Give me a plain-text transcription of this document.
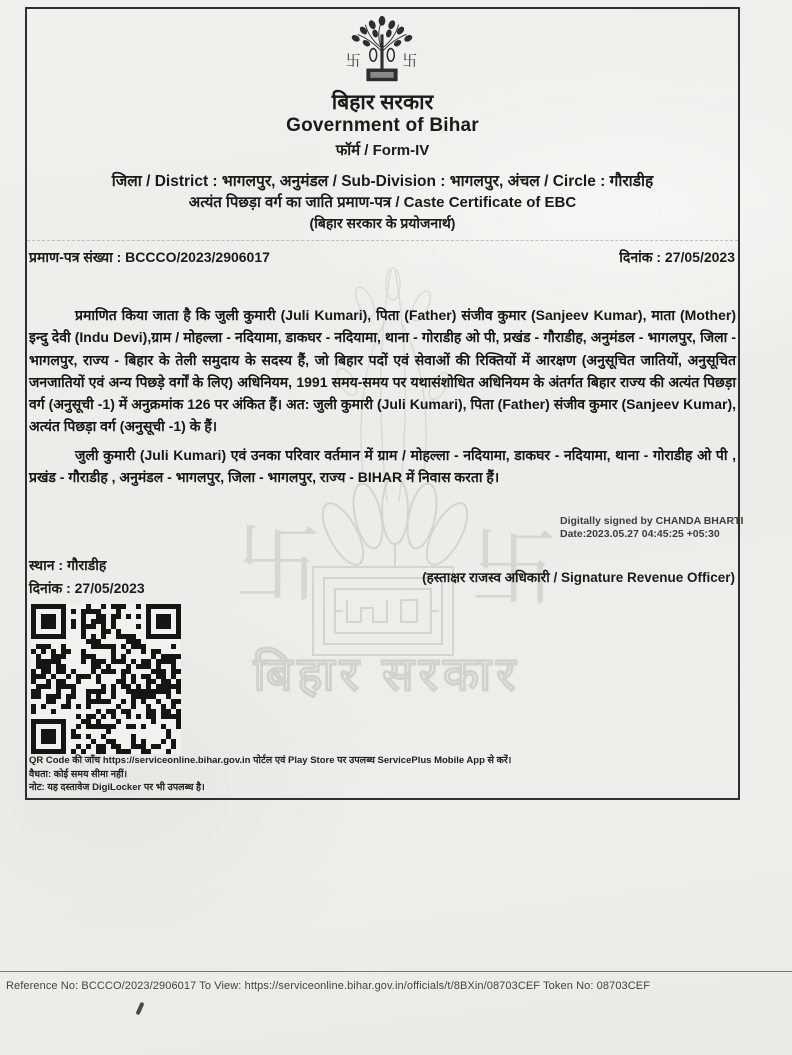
卐 卐
बिहार सरकार
卐	卐
बिहार सरकार
Government of Bihar
फॉर्म / Form-IV
जिला / District : भागलपुर, अनुमंडल / Sub-Division : भागलपुर, अंचल / Circle : गौराडीह
अत्यंत पिछड़ा वर्ग का जाति प्रमाण-पत्र / Caste Certificate of EBC
(बिहार सरकार के प्रयोजनार्थ)
प्रमाण-पत्र संख्या : BCCCO/2023/2906017	दिनांक : 27/05/2023
प्रमाणित किया जाता है कि जुली कुमारी (Juli Kumari), पिता (Father) संजीव कुमार (Sanjeev Kumar), माता (Mother) इन्दु देवी (Indu Devi),ग्राम / मोहल्ला - नदियामा, डाकघर - नदियामा, थाना - गोराडीह ओ पी, प्रखंड - गौराडीह, अनुमंडल - भागलपुर, जिला - भागलपुर, राज्य - बिहार के तेली समुदाय के सदस्य हैं, जो बिहार पदों एवं सेवाओं की रिक्तियों में आरक्षण (अनुसूचित जातियों, अनुसूचित जनजातियों एवं अन्य पिछड़े वर्गों के लिए) अधिनियम, 1991 समय-समय पर यथासंशोधित अधिनियम के अंतर्गत बिहार राज्य की अत्यंत पिछड़ा वर्ग (अनुसूची -1) में अनुक्रमांक 126 पर अंकित हैं। अत: जुली कुमारी (Juli Kumari), पिता (Father) संजीव कुमार (Sanjeev Kumar), अत्यंत पिछड़ा वर्ग (अनुसूची -1) के हैं।
जुली कुमारी (Juli Kumari) एवं उनका परिवार वर्तमान में ग्राम / मोहल्ला - नदियामा, डाकघर - नदियामा, थाना - गोराडीह ओ पी , प्रखंड - गौराडीह , अनुमंडल - भागलपुर, जिला - भागलपुर, राज्य - BIHAR में निवास करता हैं।
Digitally signed by CHANDA BHARTI
Date:2023.05.27 04:45:25 +05:30
स्थान : गौराडीह
दिनांक : 27/05/2023
(हस्ताक्षर राजस्व अधिकारी / Signature Revenue Officer)
QR Code की जाँच https://serviceonline.bihar.gov.in पोर्टल एवं Play Store पर उपलब्ध ServicePlus Mobile App से करें।
वैधता: कोई समय सीमा नहीं।
नोट: यह दस्तावेज DigiLocker पर भी उपलब्ध है।
Reference No: BCCCO/2023/2906017 To View: https://serviceonline.bihar.gov.in/officials/t/8BXin/08703CEF Token No: 08703CEF
